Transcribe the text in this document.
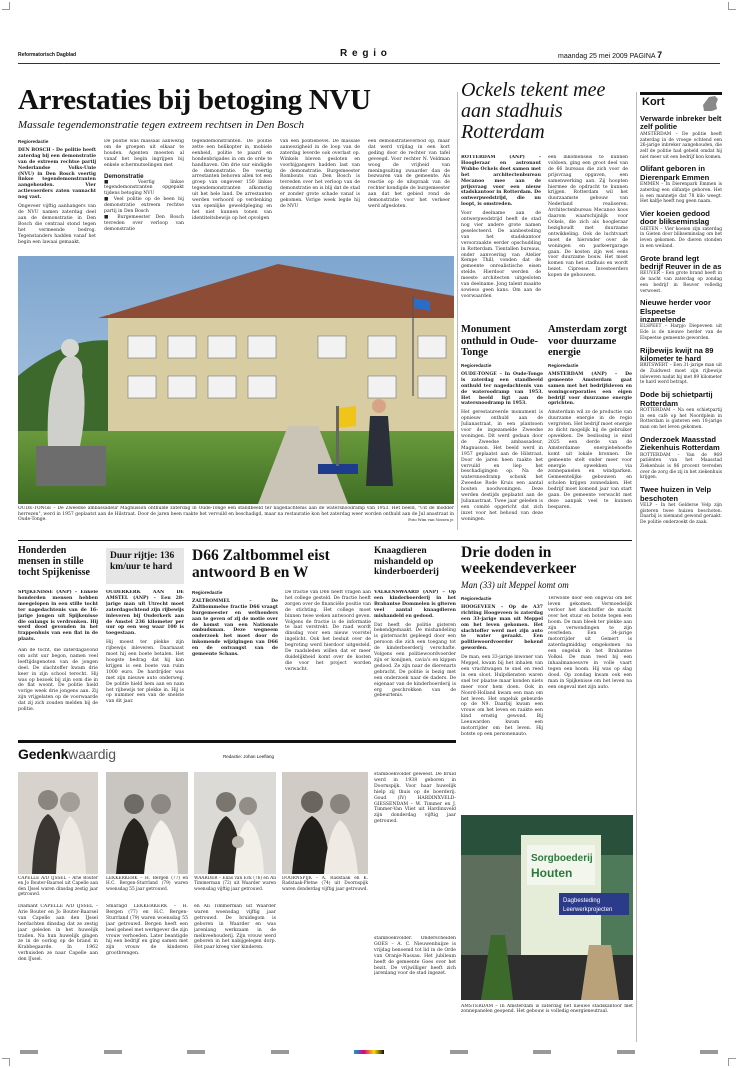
Reformatorisch Dagblad	R e g i o	maandag 25 mei 2009 PAGINA 7
Arrestaties bij betoging NVU
Massale tegendemonstratie tegen extreem rechtsen in Den Bosch
Regioredactie
DEN BOSCH – De politie heeft zaterdag bij een demonstratie van de extreem rechtse partij Nederlandse Volks-Unie (NVU) in Den Bosch veertig linkse tegendemonstranten aangehouden. Vier actievoerders zaten vannacht nog vast.
Ongeveer vijftig aanhangers van de NVU namen zaterdag deel aan de demonstratie in Den Bosch die centraal stond tegen het vermeende bedrog. Tegenstanders hadden vanaf het begin een lawaai gemaakt.
De politie was massaal aanwezig om de groepen uit elkaar te houden. Agenten moesten al vanaf het begin ingrijpen bij enkele schermutselingen met
Demonstratie
■ Voertig linkse tegendemonstranten opgepakt tijdens betoging NVU
■ Veel politie op de been bij demonstratie extreem rechtse partij in Den Bosch
■ Burgemeester Den Bosch tevreden over verloop van demonstratie
tegendemonstranten. De politie zette een helikopter in, mobiele eenheid, politie te paard en hondenbrigades in om de orde te handhaven. Om drie uur eindigde de demonstratie. De veertig arrestanten behoren allen tot een groep van ongeveer 150 linkse tegendemonstranten afkomstig uit het hele land. De arrestanten werden verhoord op verdenking van openlijke geweldpleging en het niet kunnen tonen van identiteitsbewijs op het opvolgen
van een politiebevel. De massale aanwezigheid in de loop van de zaterdag leverde ook overlast op. Winkels bleven gesloten en voorbijgangers hadden last van de demonstratie. Burgemeester Rombouts van Den Bosch is tevreden over het verloop van de demonstratie en is blij dat de stad er zonder grote schade vanaf is gekomen. Vorige week legde hij de NVU
een demonstratieverbod op, maar dat werd vrijdag in een kort geding door de rechter van tafel geveegd. Voor rechter N. Veldman woog de vrijheid van meningsuiting zwaarder dan de bezwaren van de gemeente. Als reactie op de uitspraak van de rechter kondigde de burgemeester aan dat het gebied rond de demonstratie voor het verkeer werd afgesloten.
Ockels tekent mee aan stadhuis Rotterdam
ROTTERDAM (ANP) – Hoogleraar en astronaut Wubbo Ockels doet samen met het architectenbureau Mecanoo mee aan de prijsvraag voor een nieuw stadskantoor in Rotterdam. De ontwerpwedstrijd, die nu loopt, is omstreden.
Voor deelname aan de ontwerpwedstrijd heeft de stad nog vier andere grote namen geselecteerd. De aanbesteding van het stadskantoor veroorzaakte eerder opschudding in Rotterdam. Tientallen bureaus, onder aanvoering van Atelier Kempe Thill, vonden dat de gemeente onrealistische eisen stelde. Hierdoor werden de meeste architecten uitgesloten van deelname. Jong talent maakte sowieso geen kans. Om aan de voorwaarden
een inkomenseis te kunnen voldoen, ging een groot deel van de 66 bureaus die zich voor de prijsvraag opgaven, een samenwerking aan. Zij hoopten hiermee de opdracht te kunnen krijgen. Rotterdam wil het duurzaamste gebouw van Nederland realiseren. Architectenbureau Mecanoo koos daarom waarschijnlijk voor Ockels, die zich als hoogleraar bezighoudt met duurzame ontwikkeling. Ook de luchtvaart moet de hieronder over de woningen en parkeergarage gaan. De kosten zijn wel eens voor duurzame bouw. Het moet komen van het stadhuis en wordt bezet. Cipresse. Investeerders kopen de gebouwen.
Kort
Verwarde inbreker belt zelf politie

AMSTERDAM – De politie heeft zaterdag in de vroege ochtend een 26-jarige inbreker aangehouden, die zelf de politie had gebeld omdat hij niet meer uit een bedrijf kon komen.

Olifant geboren in Dierenpark Emmen

EMMEN – In Dierenpark Emmen is zaterdag een olifantje geboren. Het is een mannetje dat 78 kilo weegt. Het kalfje heeft nog geen naam.

Vier koeien gedood door blikseminslag

GIETEN – Vier koeien zijn zaterdag in Gieten door blikseminslag om het leven gekomen. De dieren stonden in een weiland.

Grote brand legt bedrijf Reuver in de as

REUVER – Een grote brand heeft in de nacht van zaterdag op zondag een bedrijf in Reuver volledig verwoest.

Nieuwe herder voor Elspeetse inzamelende

ELSPEET – Harpjo Diepeveen uit Ede is de nieuwe herder van de Elspeetse gemeente geworden.

Rijbewijs kwijt na 89 kilometer te hard

BRITSWERT – Een 31-jarige man uit de Zuidwest moet zijn rijbewijs inleveren nadat hij met 89 kilometer te hard werd betrapt.

Dode bij schietpartij Rotterdam

ROTTERDAM – Na een schietpartij in een café op het Noordplein in Rotterdam is gisteren een 18-jarige man om het leven gekomen.

Onderzoek Maasstad Ziekenhuis Rotterdam

ROTTERDAM – Van de 969 patiënten van het Maasstad Ziekenhuis is 86 procent tevreden over de zorg die zij in het ziekenhuis krijgen.

Twee huizen in Velp beschoten

VELP – In het Gelderse Velp zijn gisteren twee huizen beschoten. Daarbij is niemand gewond geraakt. De politie onderzoekt de zaak.

OUDE-TONGE – De Zweedse ambassadeur Magnusson onthulde zaterdag in Oude-Tonge een standbeeld ter nagedachtenis aan de watersnoodramp van 1953. Het beeld, "Uit de modder herrezen", werd in 1957 geplaatst aan de Hilstraat. Door de jaren heen raakte het vervuild en beschadigd, maar na restauratie kon het zaterdag weer worden onthuld aan de Jul anastraat in Oude-Tonge.	Foto Wim van Vossen jr.
Monument onthuld in Oude-Tonge
Regioredactie
OUDE-TONGE – In Oude-Tonge is zaterdag een standbeeld onthuld ter nagedachtenis van de wateroodramp van 1953. Het beeld ligt aan de watersnoodramp in 1953.
Het gerestaureerde monument is opnieuw onthuld aan de Julianastraat, in een plantsoen voor de ingezamelde Zweedse woningen. Dit werd gedaan door de Zweedse ambassadeur, Magnusson. Het beeld werd in 1957 geplaatst aan de Hilstraat. Door de jaren heen raakte het vervuild en liep het beschadigingen op. Na de watersnoodramp schonk het Zweedse Rode Kruis een aantal houten noodwoningen. Deze werden destijds geplaatst aan de Julianastraat. Twee jaar geleden is een comité opgericht dat zich inzet voor het behoud van deze woningen.
Amsterdam zorgt voor duurzame energie
Regioredactie
AMSTERDAM (ANP) – De gemeente Amsterdam gaat samen met het bedrijfsleven en woningcorporaties een eigen bedrijf voor duurzame energie oprichten.
Amsterdam wil zo de productie van duurzame energie in de regio vergroten. Het bedrijf moet energie zo dicht mogelijk bij de gebruiker opwekken. De beslissing is eind 2025 een derde van de Amsterdamse energiebehoefte komt uit lokale bronnen. De gemeente stelt onder meer voor energie opwekken via zonnepanelen en windparken. Gemeentelijke gebouwen en scholen krijgen zonnedaken. Het bedrijf moet komend jaar van start gaan. De gemeente verwacht met deze aanpak veel te kunnen besparen.
Honderden mensen in stille tocht Spijkenisse
SPIJKENISSE (ANP) – Enkele honderden mensen hebben meegelopen in een stille tocht ter nagedachtenis van de 16-jarige jongen uit Spijkenisse die onlangs is verdronken. Hij werd dood gevonden in het trappenhuis van een flat in de plaats.
Aan de tocht, die zaterdagavond om acht uur begon, namen veel leeftijdsgenoten van de jongen deel. De slachtoffer kwam drie keer in zijn school terecht. Hij was op bezoek bij zijn oom die in de flat woont. De politie hield vorige week drie jongens aan. Zij zijn vrijgelaten op de voorwaarde dat zij zich zouden melden bij de politie.
Duur rijtje: 136 km/uur te hard
OUDERKERK AAN DE AMSTEL (ANP) – Een 28-jarige man uit Utrecht moet zaterdagochtend zijn rijbewijs inleveren bij Ouderkerk aan de Amstel 236 kilometer per uur op een weg waar 100 is toegestaan.
Hij moest ter plekke zijn rijbewijs inleveren. Daarnaast moet hij een boete betalen. Het hoogste bedrag dat hij kan krijgen is een boete van ruim 1000 euro. De hardrijder was met zijn nieuwe auto onderweg. De politie hield hem aan en nam het rijbewijs ter plekke in. Hij is op nummer een van de snelste van dit jaar.
D66 Zaltbommel eist antwoord B en W
Regioredactie
ZALTBOMMEL – De Zaltbommelse fractie D66 vraagt burgemeester en wethouders aan te geven of zij de motie over de komst van een Nationale ombudsman. Deze wegneem onderzoek het moet door de inkomende wijzigingen van D66 en de ontvangst van de gemeente Schans.
De fractie van D66 heeft vragen aan het college gesteld. De fractie heeft zorgen over de financiële positie van de stichting. Het college moet binnen twee weken antwoord geven. Volgens de fractie is de informatie te laat verstrekt. De raad wordt dinsdag voor een nieuw voorstel ingelicht. Ook het besluit over de begroting werd hierdoor uitgesteld. De raadsleden willen dat er meer duidelijkheid komt over de kosten die voor het project worden verwacht.
Knaagdieren mishandeld op kinderboerderij
VALKENSWAARD (ANP) – Op een kinderboerderij in het Brabantse Dommelen is giteren veel aantal knaagdieren mishandeld en gedood.
Dat heeft de politie gisteren bekendgemaakt. De mishandeling is gisternacht gepleegd door een persoon die zich een toegang tot de kinderboerderij verschafte. Volgens een politiewoordvoerder zijn er konijnen, cavia's en kippen gedood. Ze zijn naar de dierenarts gebracht. De politie is bezig met een onderzoek naar de daders. De eigenaar van de kinderboerderij is erg geschrokken van de gebeurtenis.
Drie doden in weekendeverkeer
Man (33) uit Meppel komt om
Regioredactie
HOOGEVEEN – Op de A37 richting Hoogeveen is zaterdag een 33-jarige man uit Meppel om het leven gekomen. Het slachtoffer werd met zijn auto te water geraakt. Een politiewoordvoerder bekend geworden.
De man, een 33-jarige inwoner van Meppel, kwam bij het inhalen van een vrachtwagen te snel en reed in een sloot. Hulpdiensten waren snel ter plaatse maar konden niets meer voor hem doen. Ook in Noord-Holland kwam een man om het leven. Het ongeluk gebeurde op de N9. Daarbij kwam een vrouw om het leven en raakte een kind ernstig gewond. Bij Leeuwarden kwam een motorrijder om het leven. Hij botste op een personenauto.
Terwolde door een ongeval om het leven gekomen. Vermoedelijk verloor het slachtoffer de macht over het stuur en botste tegen een boom. De man bleek ter plekke aan zijn verwondingen te zijn overleden. Een 34-jarige motorrijder uit Gemert is zaterdagmiddag omgekomen na een ongeluk in het Brabantse Volkel. De man reed bij een inhaalmanoeuvre in volle vaart tegen een boom. Hij was op slag dood. Op zondag kwam ook een man in Spijkenisse om het leven na een ongeval met zijn auto.
Sorgboederij
Houten
Dagbesteding
Leerwerkprojecten
AMSTERDAM – In Amsterdam is zaterdag het nieuwe stadskantoor met zonnepanelen geopend. Het gebouw is volledig energieneutraal.
Gedenkwaardig	Redactie: Johan Leeflang
CAPELLE A/D IJSSEL – Arie Bouter en Jo Bouter-Baarsel uit Capelle aan den IJssel waren dinsdag zestig jaar getrouwd.
LEKKERKERK – H. Bergen (77) en H.C. Bergen-Sturrland (79) waren woensdag 55 jaar getrouwd.
WAARDER – Elias van Eck (76) en Ali Timmerman (72) uit Waarder waren woensdag vijftig jaar getrouwd.
DOORNSPIJK – A. Radstaak en K. Radstaak-Pletne (74) uit Doornspijk waren donderdag vijftig jaar getrouwd.
Diamant CAPELLE A/D IJSSEL – Arie Bouter en Jo Bouter-Baarsel van Capelle aan den IJssel herdachten dinsdag dat ze zestig jaar geleden in het huwelijk traden. Na hun huwelijk gingen ze in de oorlog op de brand in Krabbegaarde. In 1962 verhuisden ze naar Capelle aan den IJssel.
Smaragd LEKKERKERK – H. Bergen (77) en H.C. Bergen-Sturrland (79) waren woensdag 55 jaar getrouwd. Bergen heeft een heel geheel met werkgever die zijn vrouw verhoeden. Later beantigde hij een bedrijf en ging samen met zijn vrouw de kinderen grootbrengen.
en Ali Timmerman uit Waarder waren woensdag vijftig jaar getrouwd. De bruidegom is geboren in Waarder en was jarenlang werkzaam in de melkveehouderij. Zijn vrouw werd geboren in het nabijgelegen dorp. Het paar kreeg vier kinderen.
stamboekvolder geweest. De bruid werd in 1938 geboren in Doornspijk. Voor haar huwelijk hielp zij thuis op de boerderij. Goud (IV) HARDINXVELD-GIESSENDAM – W. Timmer en J. Timmer-Van Vliet uit Hardinxveld zijn donderdag vijftig jaar getrouwd.
stamboekvolder. Onderscheiden GOES – A. C. Nieuwenhuijze is vrijdag benoemd tot lid in de Orde van Oranje-Nassau. Het jubileum heeft de gemeente Goes over het bezit. De vrijwilliger heeft zich jarenlang voor de stad ingezet.
